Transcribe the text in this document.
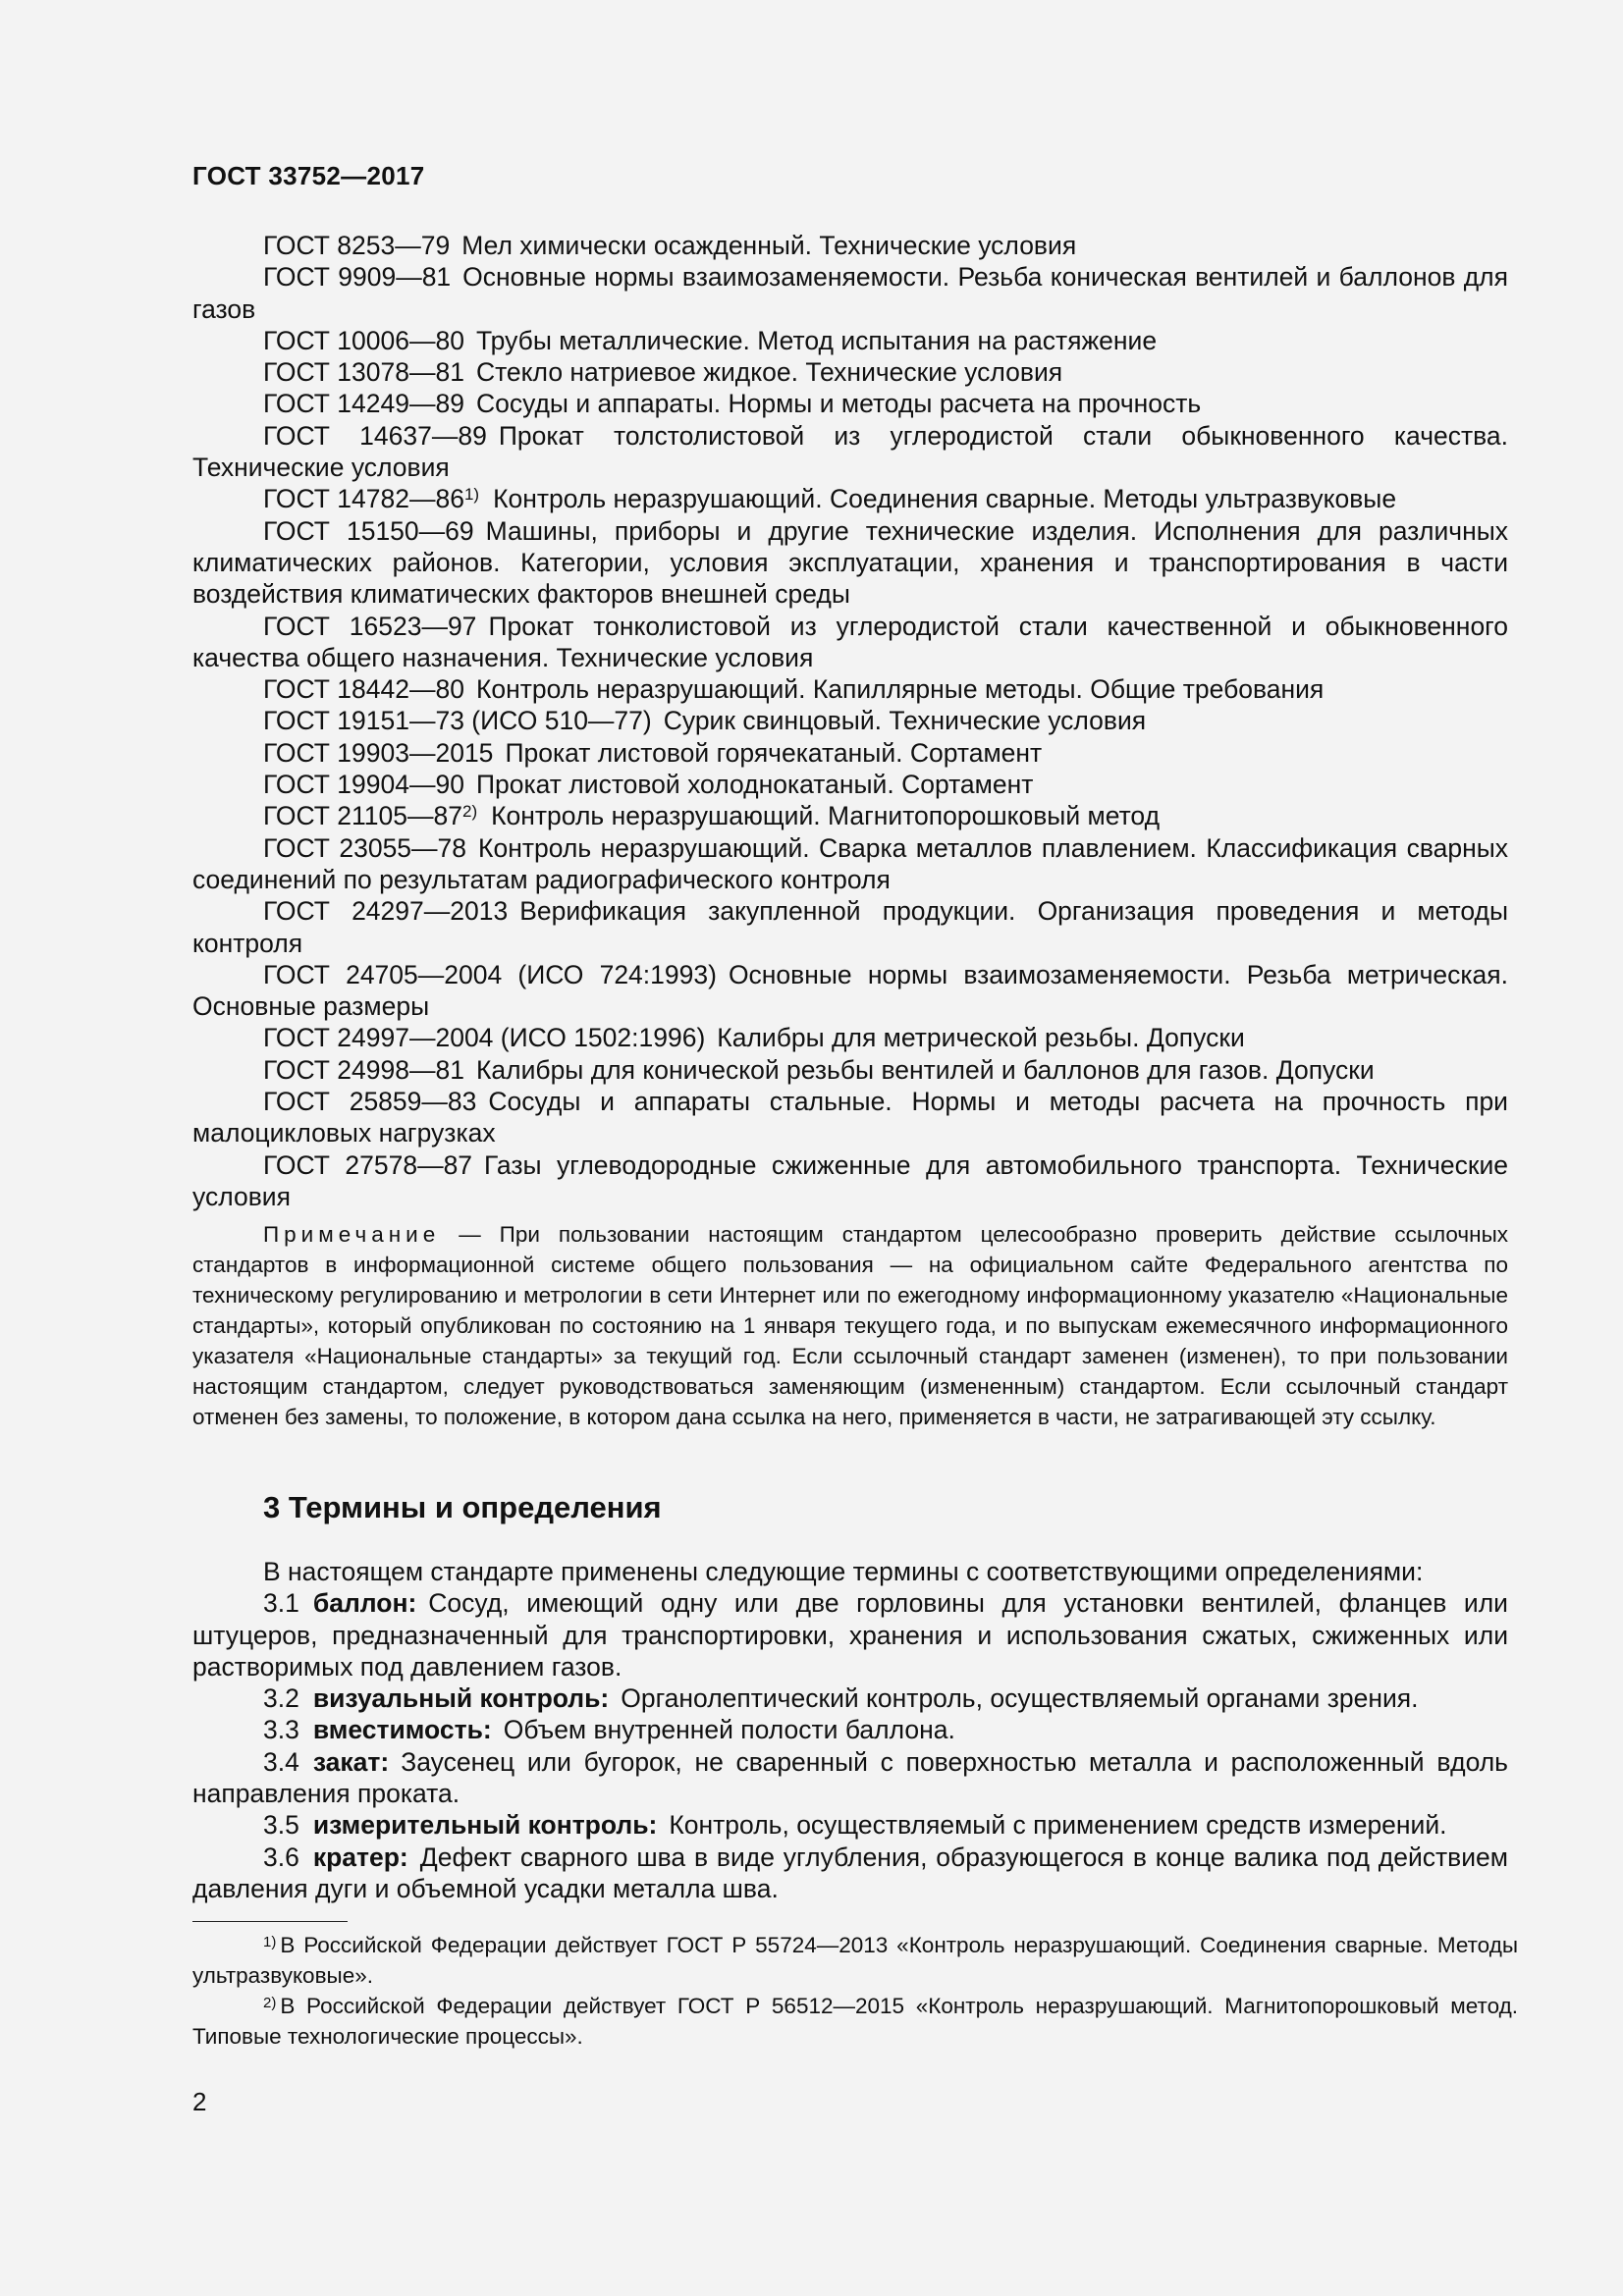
ГОСТ 33752—2017
ГОСТ 8253—79 Мел химически осажденный. Технические условия
ГОСТ 9909—81 Основные нормы взаимозаменяемости. Резьба коническая вентилей и баллонов для газов
ГОСТ 10006—80 Трубы металлические. Метод испытания на растяжение
ГОСТ 13078—81 Стекло натриевое жидкое. Технические условия
ГОСТ 14249—89 Сосуды и аппараты. Нормы и методы расчета на прочность
ГОСТ 14637—89 Прокат толстолистовой из углеродистой стали обыкновенного качества. Технические условия
ГОСТ 14782—86$^{1)}$ Контроль неразрушающий. Соединения сварные. Методы ультразвуковые
ГОСТ 15150—69 Машины, приборы и другие технические изделия. Исполнения для различных климатических районов. Категории, условия эксплуатации, хранения и транспортирования в части воздействия климатических факторов внешней среды
ГОСТ 16523—97 Прокат тонколистовой из углеродистой стали качественной и обыкновенного качества общего назначения. Технические условия
ГОСТ 18442—80 Контроль неразрушающий. Капиллярные методы. Общие требования
ГОСТ 19151—73 (ИСО 510—77) Сурик свинцовый. Технические условия
ГОСТ 19903—2015 Прокат листовой горячекатаный. Сортамент
ГОСТ 19904—90 Прокат листовой холоднокатаный. Сортамент
ГОСТ 21105—87$^{2)}$ Контроль неразрушающий. Магнитопорошковый метод
ГОСТ 23055—78 Контроль неразрушающий. Сварка металлов плавлением. Классификация сварных соединений по результатам радиографического контроля
ГОСТ 24297—2013 Верификация закупленной продукции. Организация проведения и методы контроля
ГОСТ 24705—2004 (ИСО 724:1993) Основные нормы взаимозаменяемости. Резьба метрическая. Основные размеры
ГОСТ 24997—2004 (ИСО 1502:1996) Калибры для метрической резьбы. Допуски
ГОСТ 24998—81 Калибры для конической резьбы вентилей и баллонов для газов. Допуски
ГОСТ 25859—83 Сосуды и аппараты стальные. Нормы и методы расчета на прочность при малоцикловых нагрузках
ГОСТ 27578—87 Газы углеводородные сжиженные для автомобильного транспорта. Технические условия
Примечание — При пользовании настоящим стандартом целесообразно проверить действие ссылочных стандартов в информационной системе общего пользования — на официальном сайте Федерального агентства по техническому регулированию и метрологии в сети Интернет или по ежегодному информационному указателю «Национальные стандарты», который опубликован по состоянию на 1 января текущего года, и по выпускам ежемесячного информационного указателя «Национальные стандарты» за текущий год. Если ссылочный стандарт заменен (изменен), то при пользовании настоящим стандартом, следует руководствоваться заменяющим (измененным) стандартом. Если ссылочный стандарт отменен без замены, то положение, в котором дана ссылка на него, применяется в части, не затрагивающей эту ссылку.
3 Термины и определения

В настоящем стандарте применены следующие термины с соответствующими определениями:

3.1 баллон: Сосуд, имеющий одну или две горловины для установки вентилей, фланцев или штуцеров, предназначенный для транспортировки, хранения и использования сжатых, сжиженных или растворимых под давлением газов.

3.2 визуальный контроль: Органолептический контроль, осуществляемый органами зрения.

3.3 вместимость: Объем внутренней полости баллона.

3.4 закат: Заусенец или бугорок, не сваренный с поверхностью металла и расположенный вдоль направления проката.

3.5 измерительный контроль: Контроль, осуществляемый с применением средств измерений.

3.6 кратер: Дефект сварного шва в виде углубления, образующегося в конце валика под действием давления дуги и объемной усадки металла шва.

$^{1)}$ В Российской Федерации действует ГОСТ Р 55724—2013 «Контроль неразрушающий. Соединения сварные. Методы ультразвуковые».

$^{2)}$ В Российской Федерации действует ГОСТ Р 56512—2015 «Контроль неразрушающий. Магнитопорошковый метод. Типовые технологические процессы».

2
